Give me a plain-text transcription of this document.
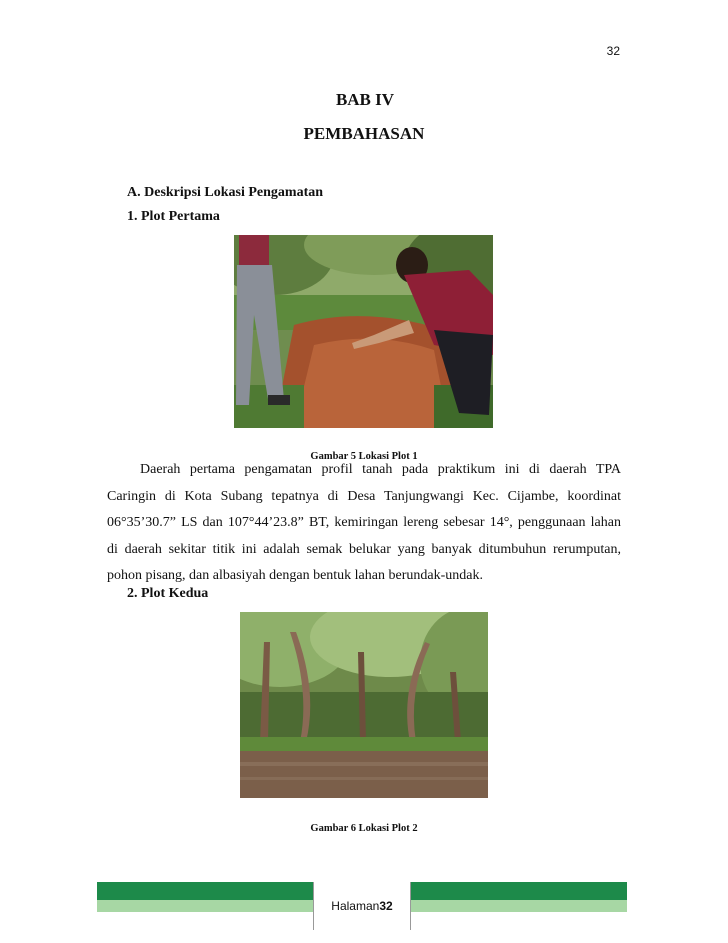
32
BAB IV
PEMBAHASAN
A. Deskripsi Lokasi Pengamatan
1. Plot Pertama
Gambar 5 Lokasi Plot 1
Daerah pertama pengamatan profil tanah pada praktikum ini di daerah TPA
Caringin di Kota Subang tepatnya di Desa Tanjungwangi Kec. Cijambe, koordinat
06°35’30.7” LS dan 107°44’23.8” BT, kemiringan lereng sebesar 14°, penggunaan lahan
di daerah sekitar titik ini adalah semak belukar yang banyak ditumbuhun rerumputan,
pohon pisang, dan albasiyah dengan bentuk lahan berundak-undak.
2. Plot Kedua
Gambar 6 Lokasi Plot 2
Halaman 32
